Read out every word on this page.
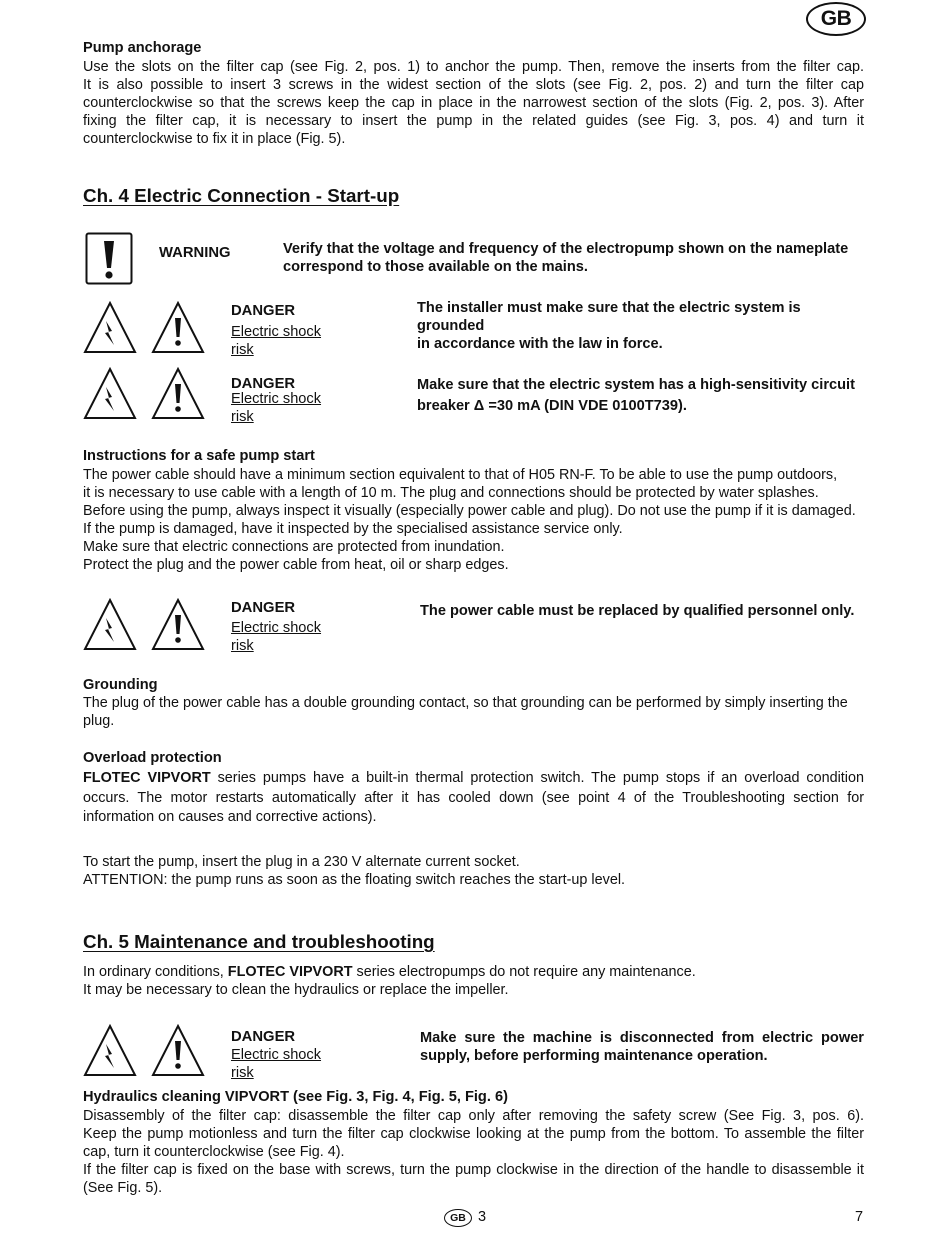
GB
Pump anchorage
Use the slots on the filter cap (see Fig. 2, pos. 1) to anchor the pump. Then, remove the inserts from the filter cap.
It is also possible to insert 3 screws in the widest section of the slots (see Fig. 2, pos. 2) and turn the filter cap
counterclockwise so that the screws keep the cap in place in the narrowest section of the slots (Fig. 2, pos. 3). After
fixing the filter cap, it is necessary to insert the pump in the related guides (see Fig. 3, pos. 4) and turn it
counterclockwise to fix it in place (Fig. 5).
Ch. 4 Electric Connection - Start-up
WARNING	Verify that the voltage and frequency of the electropump shown on the nameplate
correspond to those available on the mains.
DANGER
Electric shock
risk
The installer must make sure that the electric system is grounded
in accordance with the law in force.
DANGER
Electric shock
risk
Make sure that the electric system has a high-sensitivity circuit
breaker Δ =30 mA (DIN VDE 0100T739).
Instructions for a safe pump start
The power cable should have a minimum section equivalent to that of H05 RN-F. To be able to use the pump outdoors,
it is necessary to use cable with a length of 10 m. The plug and connections should be protected by water splashes.
Before using the pump, always inspect it visually (especially power cable and plug). Do not use the pump if it is damaged.
If the pump is damaged, have it inspected by the specialised assistance service only.
Make sure that electric connections are protected from inundation.
Protect the plug and the power cable from heat, oil or sharp edges.
DANGER
Electric shock
risk
The power cable must be replaced by qualified personnel only.
Grounding
The plug of the power cable has a double grounding contact, so that grounding can be performed by simply inserting the
plug.
Overload protection
FLOTEC VIPVORT series pumps have a built-in thermal protection switch. The pump stops if an overload condition
occurs. The motor restarts automatically after it has cooled down (see point 4 of the Troubleshooting section for
information on causes and corrective actions).
To start the pump, insert the plug in a 230 V alternate current socket.
ATTENTION: the pump runs as soon as the floating switch reaches the start-up level.
Ch. 5 Maintenance and troubleshooting
In ordinary conditions, FLOTEC VIPVORT series electropumps do not require any maintenance.
It may be necessary to clean the hydraulics or replace the impeller.
DANGER
Electric shock
risk
Make sure the machine is disconnected from electric power
supply, before performing maintenance operation.
Hydraulics cleaning VIPVORT (see Fig. 3, Fig. 4, Fig. 5, Fig. 6)
Disassembly of the filter cap: disassemble the filter cap only after removing the safety screw (See Fig. 3, pos. 6).
Keep the pump motionless and turn the filter cap clockwise looking at the pump from the bottom. To assemble the filter
cap, turn it counterclockwise (see Fig. 4).
If the filter cap is fixed on the base with screws, turn the pump clockwise in the direction of the handle to disassemble it
(See Fig. 5).
GB 3	7
